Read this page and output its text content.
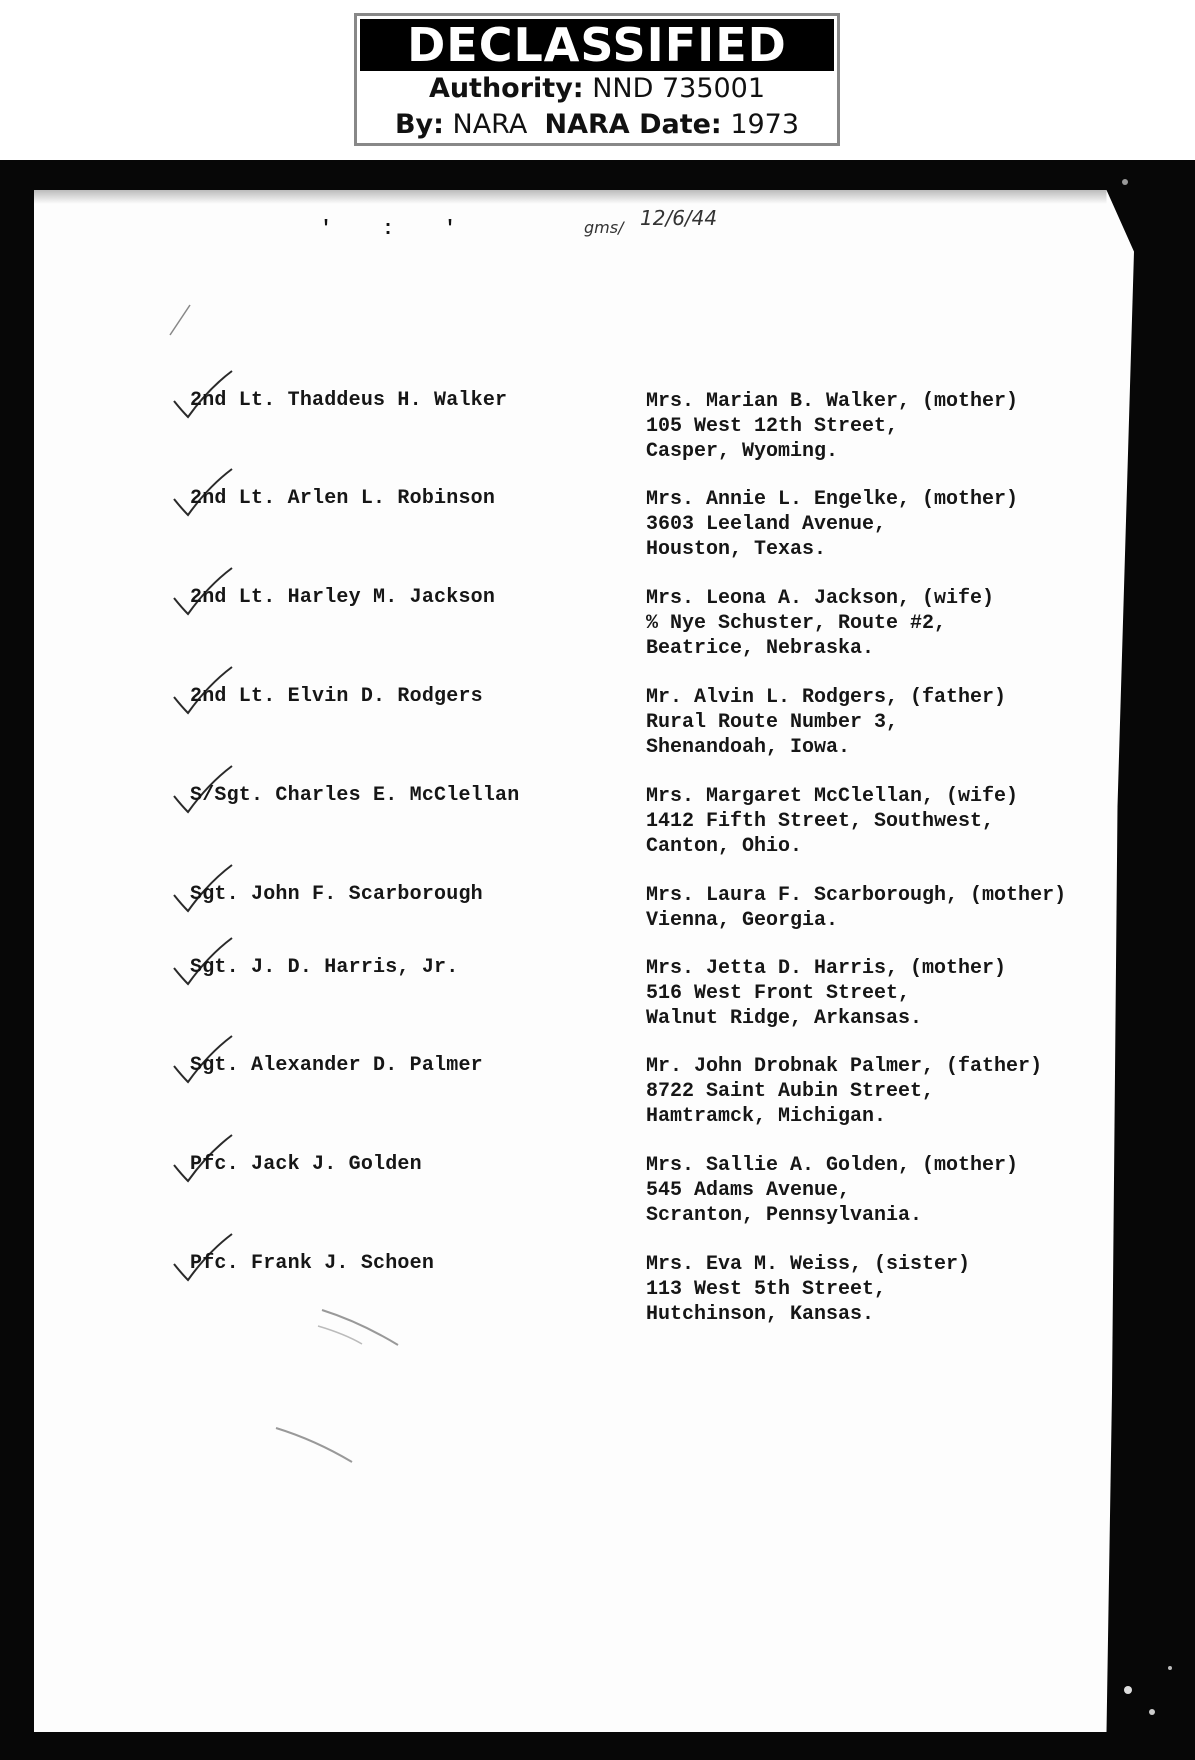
DECLASSIFIED
Authority: NND 735001
By: NARA NARA Date: 1973
'	:	'	gms/ 12/6/44
2nd Lt. Thaddeus H. Walker	Mrs. Marian B. Walker, (mother)
105 West 12th Street,
Casper, Wyoming.
2nd Lt. Arlen L. Robinson	Mrs. Annie L. Engelke, (mother)
3603 Leeland Avenue,
Houston, Texas.
2nd Lt. Harley M. Jackson	Mrs. Leona A. Jackson, (wife)
% Nye Schuster, Route #2,
Beatrice, Nebraska.
2nd Lt. Elvin D. Rodgers	Mr. Alvin L. Rodgers, (father)
Rural Route Number 3,
Shenandoah, Iowa.
S/Sgt. Charles E. McClellan	Mrs. Margaret McClellan, (wife)
1412 Fifth Street, Southwest,
Canton, Ohio.
Sgt. John F. Scarborough	Mrs. Laura F. Scarborough, (mother)
Vienna, Georgia.
Sgt. J. D. Harris, Jr.	Mrs. Jetta D. Harris, (mother)
516 West Front Street,
Walnut Ridge, Arkansas.
Sgt. Alexander D. Palmer	Mr. John Drobnak Palmer, (father)
8722 Saint Aubin Street,
Hamtramck, Michigan.
Pfc. Jack J. Golden	Mrs. Sallie A. Golden, (mother)
545 Adams Avenue,
Scranton, Pennsylvania.
Pfc. Frank J. Schoen	Mrs. Eva M. Weiss, (sister)
113 West 5th Street,
Hutchinson, Kansas.
